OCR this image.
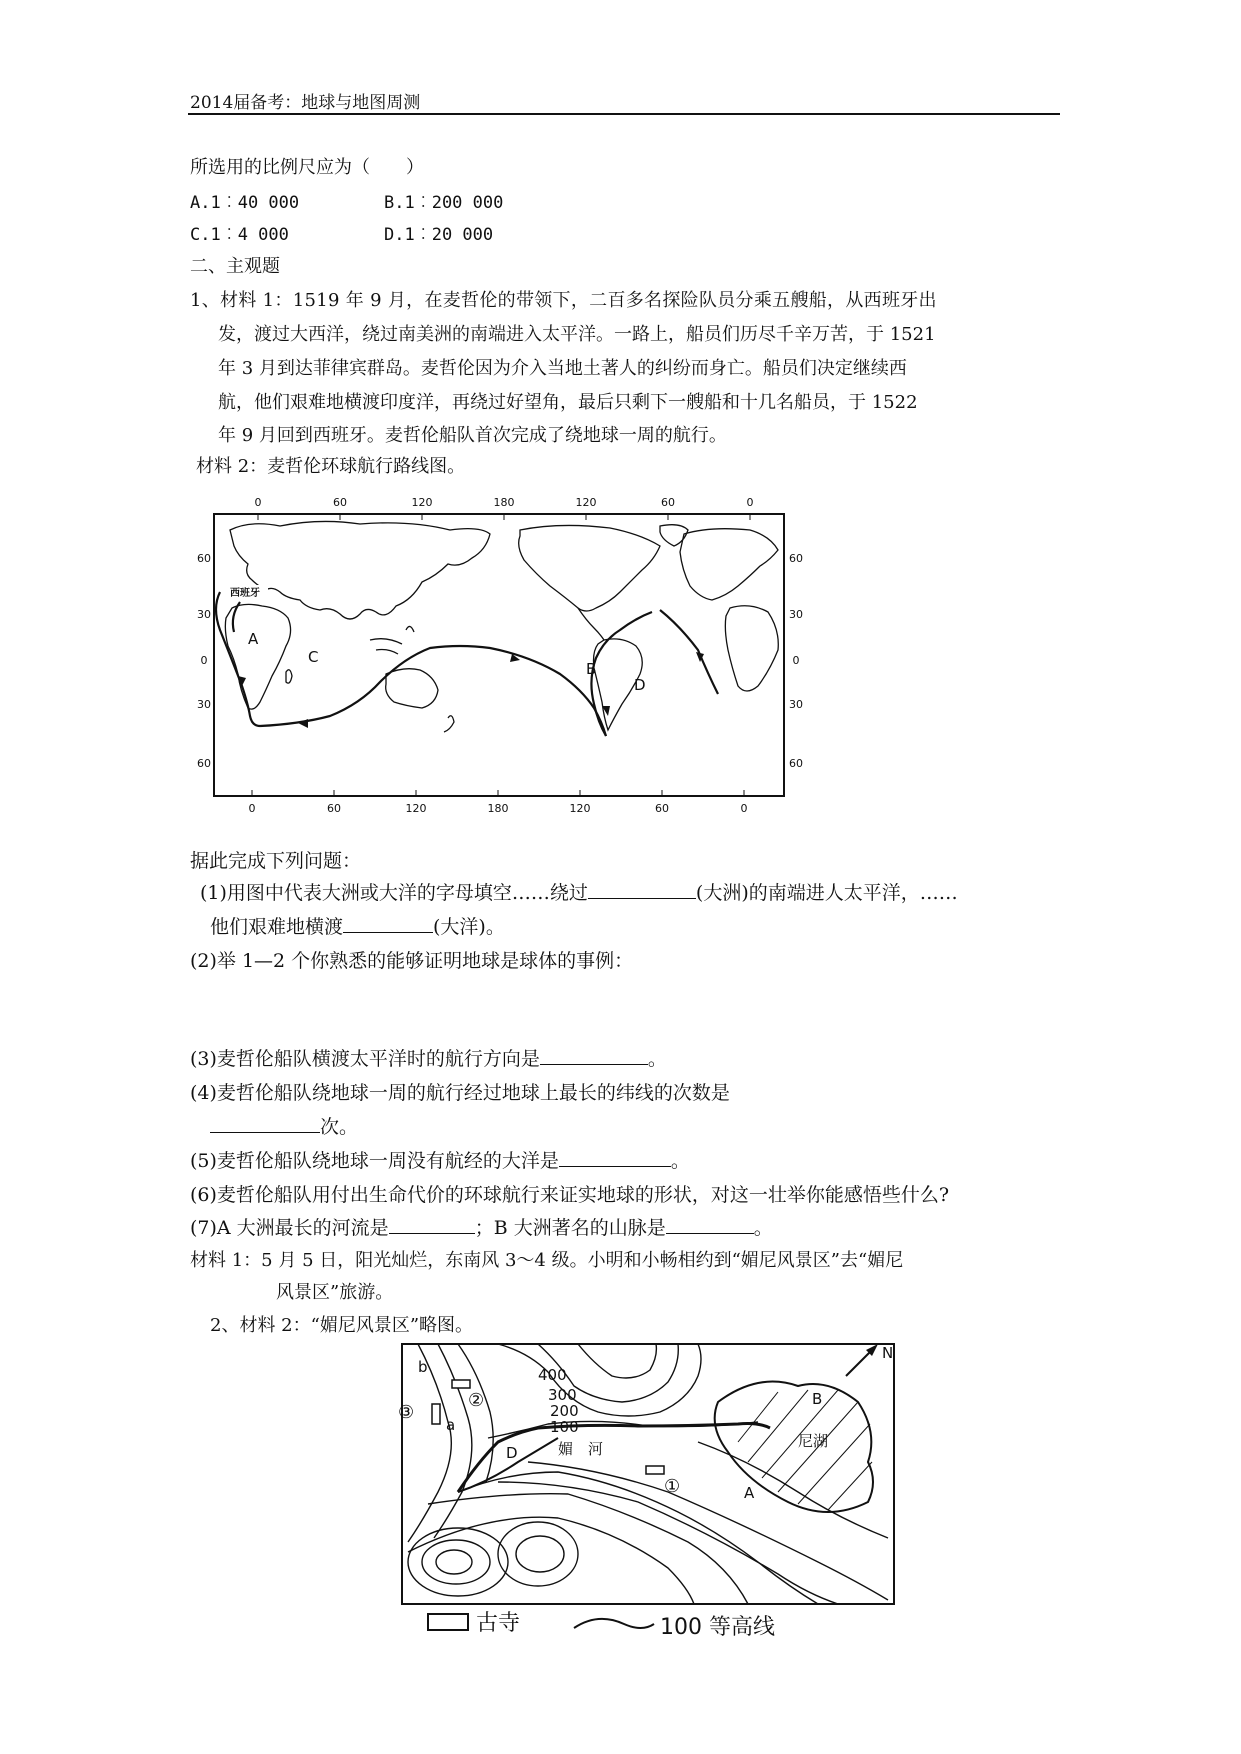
2014届备考：地球与地图周测
所选用的比例尺应为（　　）
A.1︰40 000	B.1︰200 000
C.1︰4 000	D.1︰20 000
二、主观题
1、材料 1：1519 年 9 月，在麦哲伦的带领下，二百多名探险队员分乘五艘船，从西班牙出
发，渡过大西洋，绕过南美洲的南端进入太平洋。一路上，船员们历尽千辛万苦，于 1521
年 3 月到达菲律宾群岛。麦哲伦因为介入当地土著人的纠纷而身亡。船员们决定继续西
航，他们艰难地横渡印度洋，再绕过好望角，最后只剩下一艘船和十几名船员，于 1522
年 9 月回到西班牙。麦哲伦船队首次完成了绕地球一周的航行。
材料 2：麦哲伦环球航行路线图。
0	60	120	180	120	60	0
0	60	120	180	120	60	0
60
30
0
30
60
60
30
0
30
60
西班牙
A
C
B
D
据此完成下列问题：
(1)用图中代表大洲或大洋的字母填空……绕过	(大洲)的南端进人太平洋，……
他们艰难地横渡	(大洋)。
(2)举 1—2 个你熟悉的能够证明地球是球体的事例：
(3)麦哲伦船队横渡太平洋时的航行方向是	。
(4)麦哲伦船队绕地球一周的航行经过地球上最长的纬线的次数是
次。
(5)麦哲伦船队绕地球一周没有航经的大洋是	。
(6)麦哲伦船队用付出生命代价的环球航行来证实地球的形状，对这一壮举你能感悟些什么?
(7)A 大洲最长的河流是	；B 大洲著名的山脉是	。
材料 1：5 月 5 日，阳光灿烂，东南风 3～4 级。小明和小畅相约到“媚尼风景区”去“媚尼
风景区”旅游。
2、材料 2：“媚尼风景区”略图。
400
300
200
100
b
a
②
③
①
D	媚　河	尼湖
B
A
N
古寺	100 等高线
